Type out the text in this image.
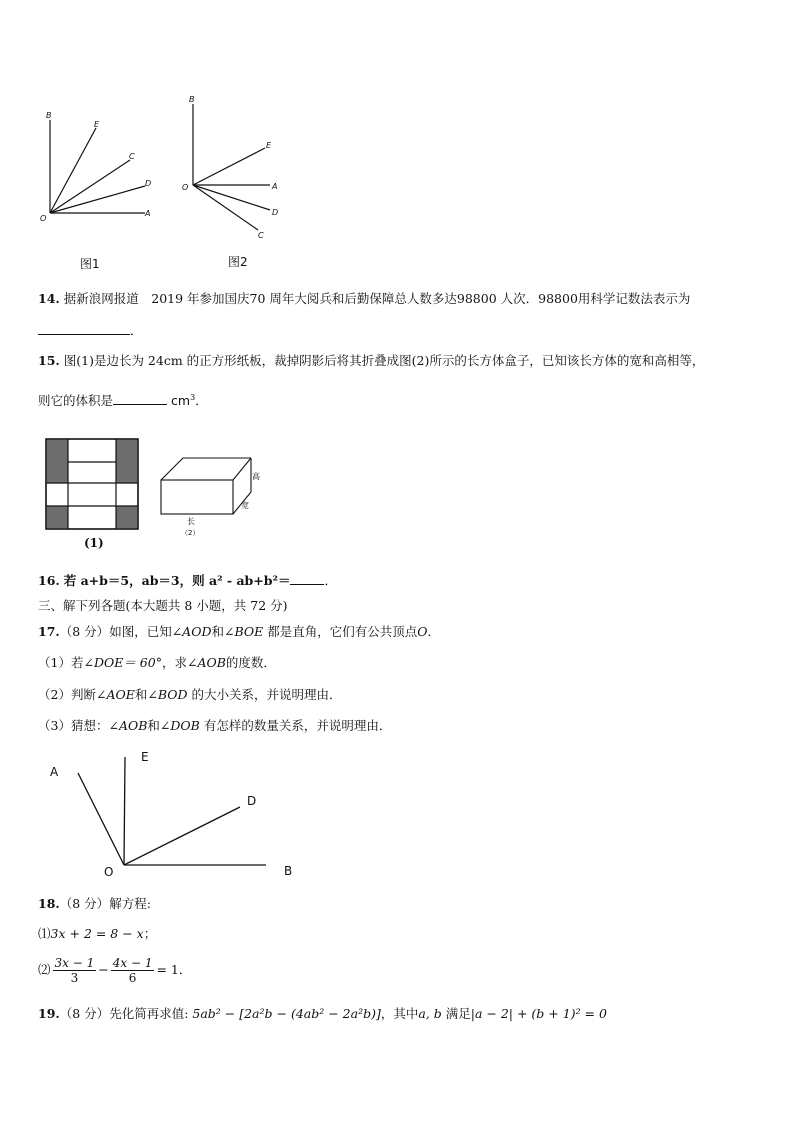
B
E
C
D
O
A
图1
B
E
O	A
D
C
图2
14. 据新浪网报道　2019 年参加国庆70 周年大阅兵和后勤保障总人数多达98800 人次．98800用科学记数法表示为
．
15. 图(1)是边长为 24cm 的正方形纸板，裁掉阴影后将其折叠成图(2)所示的长方体盒子，已知该长方体的宽和高相等，
则它的体积是	$cm^3$．
(1)
高
宽
长
（2）
16. 若 a+b＝5，ab＝3，则 a² - ab+b²＝	．
三、解下列各题(本大题共 8 小题，共 72 分)
17.（8 分）如图，已知∠AOD和∠BOE 都是直角，它们有公共顶点O．
（1）若∠DOE＝ 60°，求∠AOB的度数．
（2）判断∠AOE和∠BOD 的大小关系，并说明理由．
（3）猜想：∠AOB和∠DOB 有怎样的数量关系，并说明理由．
A
E
D
O	B
18.（8 分）解方程:
⑴3x + 2 = 8 − x；
⑵ $\frac{3x - 1}{3} - \frac{4x - 1}{6} = 1$．
19.（8 分）先化简再求值: 5ab² − [2a²b − (4ab² − 2a²b)]，其中a, b 满足|a − 2| + (b + 1)² = 0
